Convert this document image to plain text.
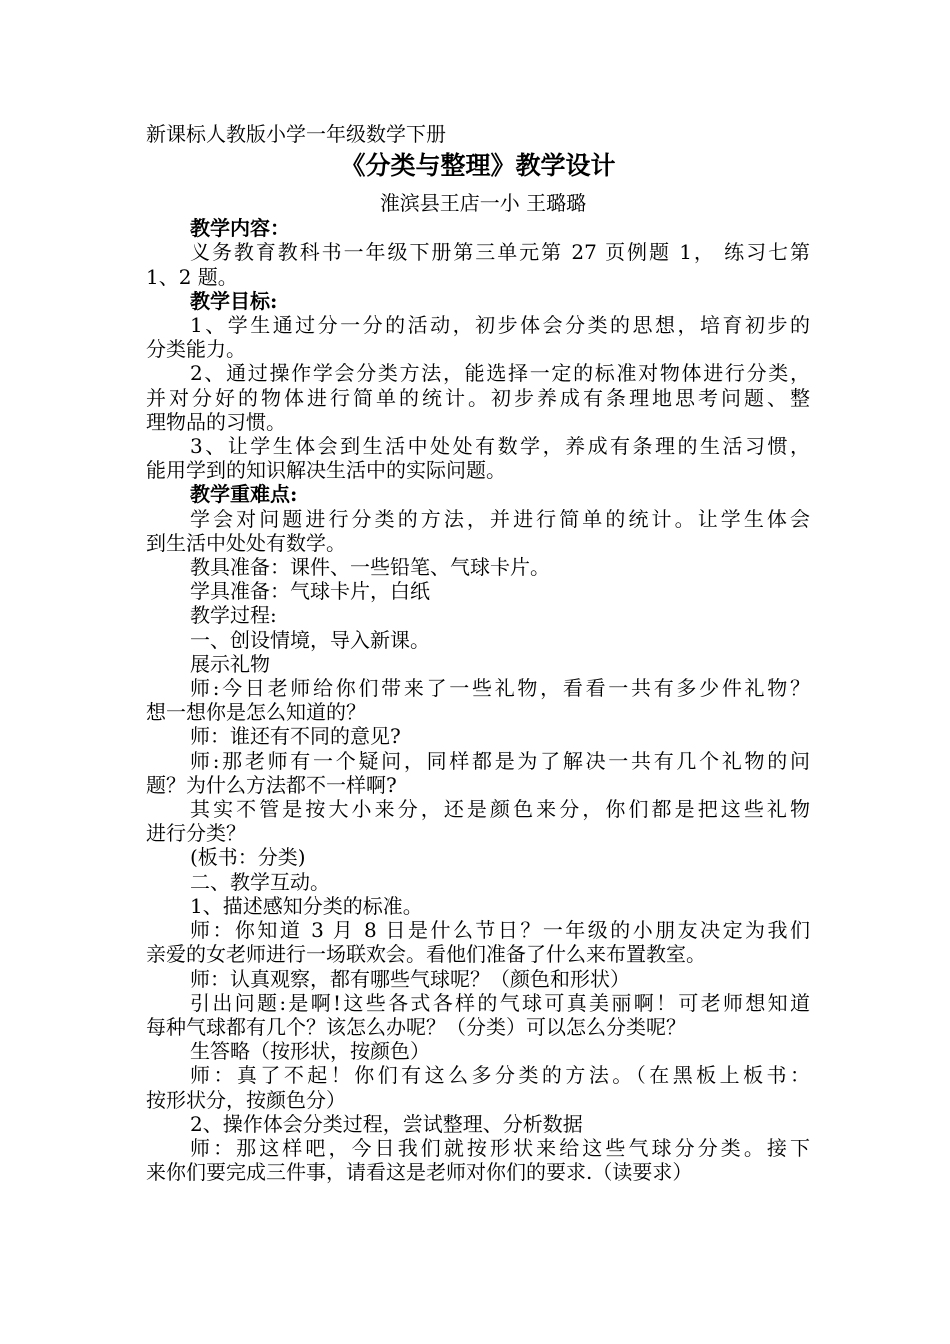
新课标人教版小学一年级数学下册
《分类与整理》教学设计
淮滨县王店一小 王璐璐
教学内容：
义务教育教科书一年级下册第三单元第 27 页例题 1， 练习七第
1、2 题。
教学目标:
1、学生通过分一分的活动，初步体会分类的思想，培育初步的
分类能力。
2、通过操作学会分类方法，能选择一定的标准对物体进行分类，
并对分好的物体进行简单的统计。初步养成有条理地思考问题、整
理物品的习惯。
3、让学生体会到生活中处处有数学，养成有条理的生活习惯，
能用学到的知识解决生活中的实际问题。
教学重难点:
学会对问题进行分类的方法，并进行简单的统计。让学生体会
到生活中处处有数学。
教具准备：课件、一些铅笔、气球卡片。
学具准备：气球卡片，白纸
教学过程:
一、创设情境，导入新课。
展示礼物
师:今日老师给你们带来了一些礼物，看看一共有多少件礼物？
想一想你是怎么知道的？
师：谁还有不同的意见?
师:那老师有一个疑问，同样都是为了解决一共有几个礼物的问
题？为什么方法都不一样啊?
其实不管是按大小来分，还是颜色来分，你们都是把这些礼物
进行分类？
(板书：分类)
二、教学互动。
1、描述感知分类的标准。
师：你知道 3 月 8 日是什么节日？一年级的小朋友决定为我们
亲爱的女老师进行一场联欢会。看他们准备了什么来布置教室。
师：认真观察，都有哪些气球呢？（颜色和形状）
引出问题:是啊!这些各式各样的气球可真美丽啊！可老师想知道
每种气球都有几个？该怎么办呢？（分类）可以怎么分类呢？
生答略（按形状，按颜色）
师：真了不起！你们有这么多分类的方法。（在黑板上板书：
按形状分，按颜色分）
2、操作体会分类过程，尝试整理、分析数据
师：那这样吧，今日我们就按形状来给这些气球分分类。接下
来你们要完成三件事，请看这是老师对你们的要求.（读要求）
